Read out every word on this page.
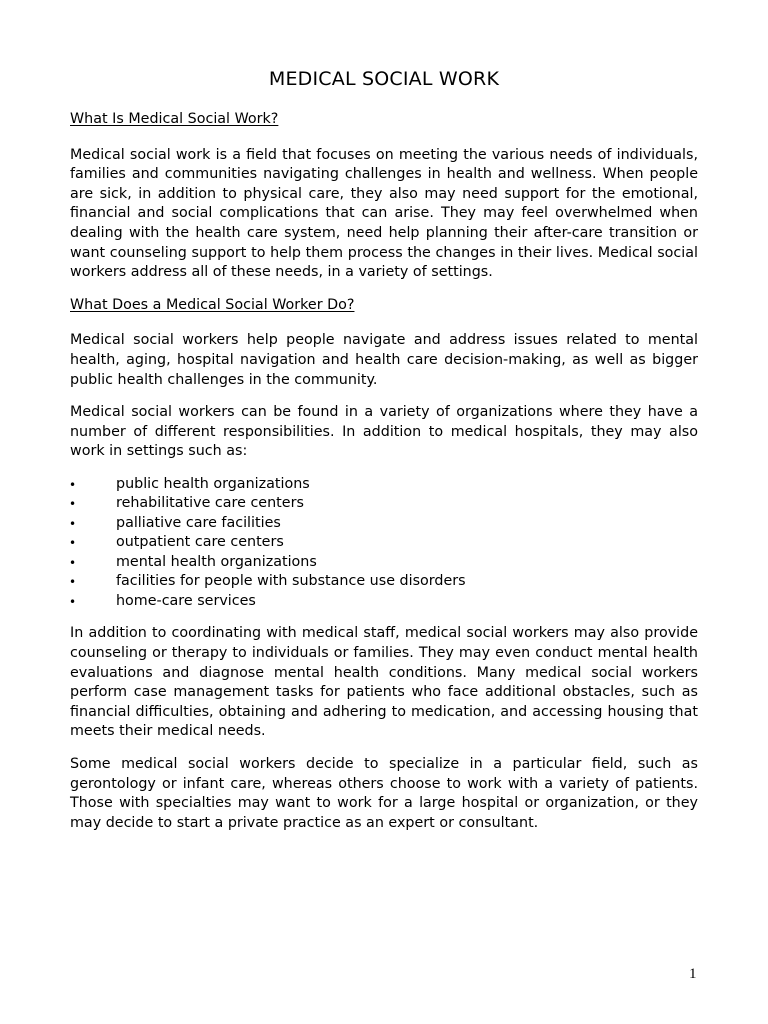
MEDICAL SOCIAL WORK
What Is Medical Social Work?

Medical social work is a field that focuses on meeting the various needs of individuals, families and communities navigating challenges in health and wellness. When people are sick, in addition to physical care, they also may need support for the emotional, financial and social complications that can arise. They may feel overwhelmed when dealing with the health care system, need help planning their after-care transition or want counseling support to help them process the changes in their lives. Medical social workers address all of these needs, in a variety of settings.

What Does a Medical Social Worker Do?

Medical social workers help people navigate and address issues related to mental health, aging, hospital navigation and health care decision-making, as well as bigger public health challenges in the community.

Medical social workers can be found in a variety of organizations where they have a number of different responsibilities. In addition to medical hospitals, they may also work in settings such as:

•	public health organizations
•	rehabilitative care centers
•	palliative care facilities
•	outpatient care centers
•	mental health organizations
•	facilities for people with substance use disorders
•	home-care services

In addition to coordinating with medical staff, medical social workers may also provide counseling or therapy to individuals or families. They may even conduct mental health evaluations and diagnose mental health conditions. Many medical social workers perform case management tasks for patients who face additional obstacles, such as financial difficulties, obtaining and adhering to medication, and accessing housing that meets their medical needs.

Some medical social workers decide to specialize in a particular field, such as gerontology or infant care, whereas others choose to work with a variety of patients. Those with specialties may want to work for a large hospital or organization, or they may decide to start a private practice as an expert or consultant.

1
